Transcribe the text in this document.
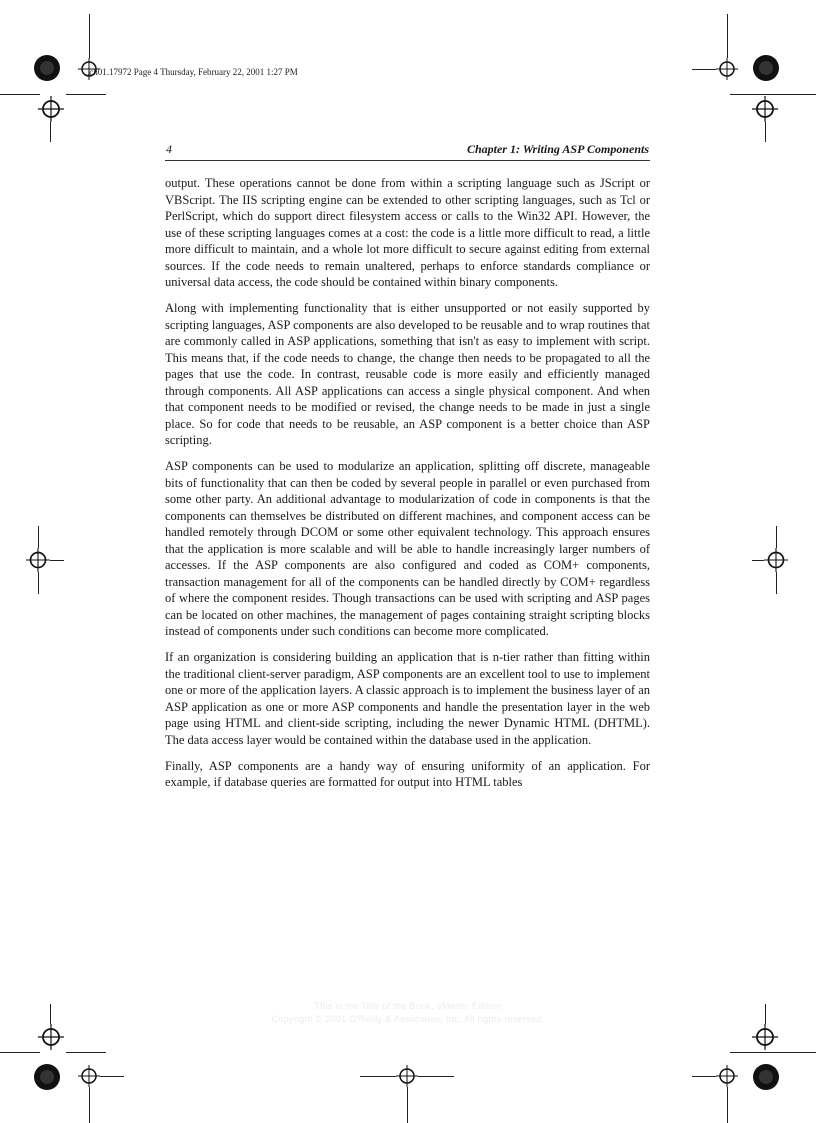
.ch01.17972 Page 4 Thursday, February 22, 2001 1:27 PM
4	Chapter 1: Writing ASP Components

output. These operations cannot be done from within a scripting language such as JScript or VBScript. The IIS scripting engine can be extended to other scripting languages, such as Tcl or PerlScript, which do support direct filesystem access or calls to the Win32 API. However, the use of these scripting languages comes at a cost: the code is a little more difficult to read, a little more difficult to maintain, and a whole lot more difficult to secure against editing from external sources. If the code needs to remain unaltered, perhaps to enforce standards compliance or universal data access, the code should be contained within binary components.

Along with implementing functionality that is either unsupported or not easily supported by scripting languages, ASP components are also developed to be reusable and to wrap routines that are commonly called in ASP applications, something that isn't as easy to implement with script. This means that, if the code needs to change, the change then needs to be propagated to all the pages that use the code. In contrast, reusable code is more easily and efficiently managed through components. All ASP applications can access a single physical component. And when that component needs to be modified or revised, the change needs to be made in just a single place. So for code that needs to be reusable, an ASP component is a better choice than ASP scripting.

ASP components can be used to modularize an application, splitting off discrete, manageable bits of functionality that can then be coded by several people in parallel or even purchased from some other party. An additional advantage to modularization of code in components is that the components can themselves be distributed on different machines, and component access can be handled remotely through DCOM or some other equivalent technology. This approach ensures that the application is more scalable and will be able to handle increasingly larger numbers of accesses. If the ASP components are also configured and coded as COM+ components, transaction management for all of the components can be handled directly by COM+ regardless of where the component resides. Though transactions can be used with scripting and ASP pages can be located on other machines, the management of pages containing straight scripting blocks instead of components under such conditions can become more complicated.

If an organization is considering building an application that is n-tier rather than fitting within the traditional client-server paradigm, ASP components are an excellent tool to use to implement one or more of the application layers. A classic approach is to implement the business layer of an ASP application as one or more ASP components and handle the presentation layer in the web page using HTML and client-side scripting, including the newer Dynamic HTML (DHTML). The data access layer would be contained within the database used in the application.

Finally, ASP components are a handy way of ensuring uniformity of an application. For example, if database queries are formatted for output into HTML tables

This is the Title of the Book, eMatter Edition
Copyright © 2001 O'Reilly & Associates, Inc. All rights reserved.
